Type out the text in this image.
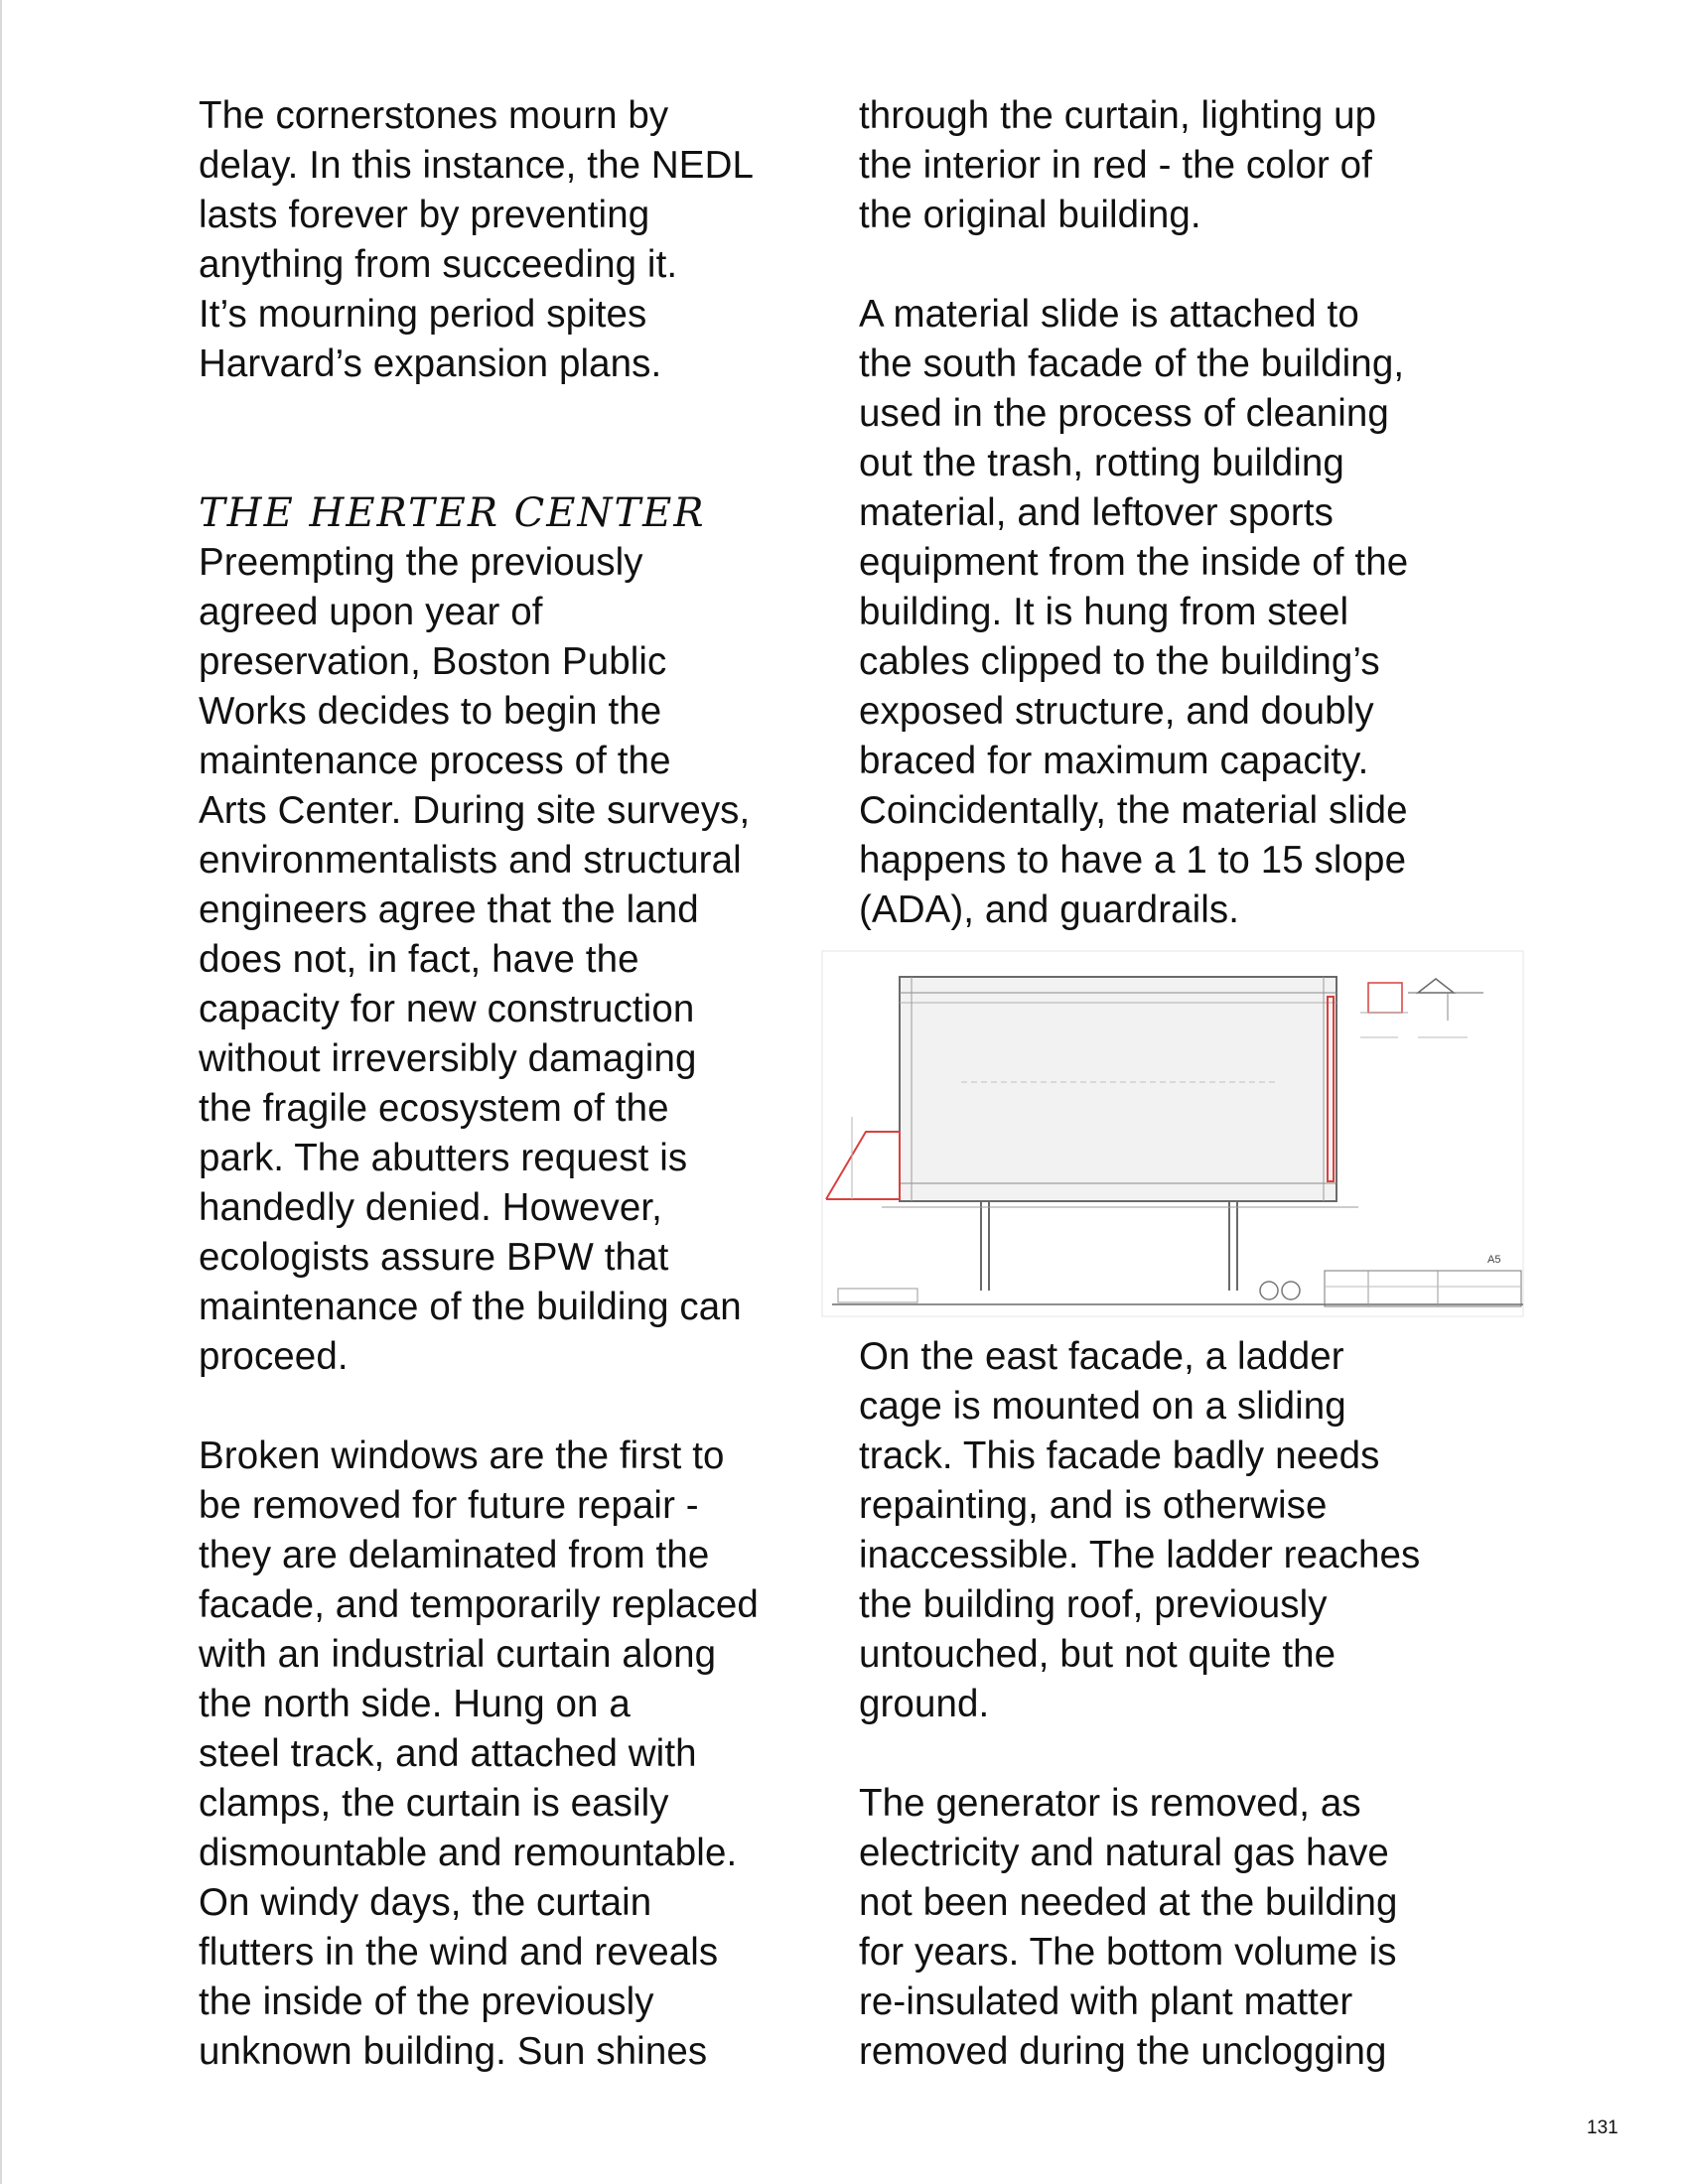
The cornerstones mourn by
delay. In this instance, the NEDL
lasts forever by preventing
anything from succeeding it.
It’s mourning period spites
Harvard’s expansion plans.

THE HERTER CENTER

Preempting the previously
agreed upon year of
preservation, Boston Public
Works decides to begin the
maintenance process of the
Arts Center. During site surveys,
environmentalists and structural
engineers agree that the land
does not, in fact, have the
capacity for new construction
without irreversibly damaging
the fragile ecosystem of the
park. The abutters request is
handedly denied. However,
ecologists assure BPW that
maintenance of the building can
proceed.

Broken windows are the first to
be removed for future repair -
they are delaminated from the
facade, and temporarily replaced
with an industrial curtain along
the north side. Hung on a
steel track, and attached with
clamps, the curtain is easily
dismountable and remountable.
On windy days, the curtain
flutters in the wind and reveals
the inside of the previously
unknown building. Sun shines

through the curtain, lighting up
the interior in red - the color of
the original building.

A material slide is attached to
the south facade of the building,
used in the process of cleaning
out the trash, rotting building
material, and leftover sports
equipment from the inside of the
building. It is hung from steel
cables clipped to the building’s
exposed structure, and doubly
braced for maximum capacity.
Coincidentally, the material slide
happens to have a 1 to 15 slope
(ADA), and guardrails.

A5

On the east facade, a ladder
cage is mounted on a sliding
track. This facade badly needs
repainting, and is otherwise
inaccessible. The ladder reaches
the building roof, previously
untouched, but not quite the
ground.

The generator is removed, as
electricity and natural gas have
not been needed at the building
for years. The bottom volume is
re-insulated with plant matter
removed during the unclogging

131
